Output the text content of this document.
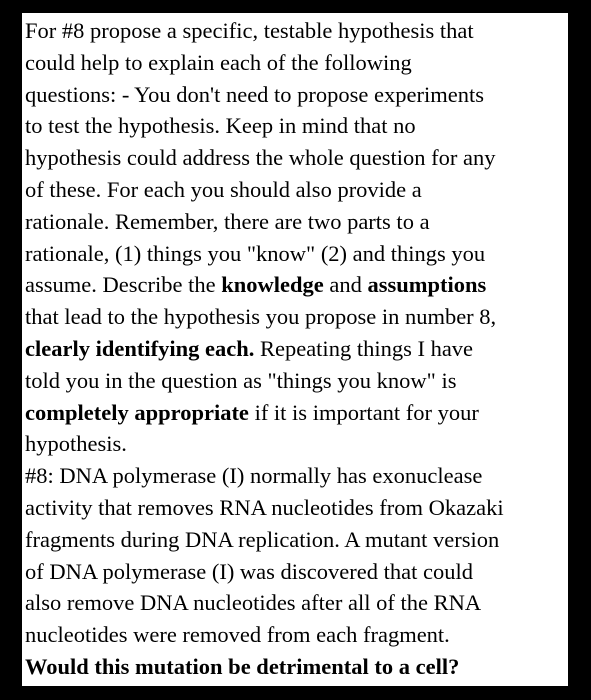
For #8 propose a specific, testable hypothesis that
could help to explain each of the following
questions: - You don't need to propose experiments
to test the hypothesis. Keep in mind that no
hypothesis could address the whole question for any
of these. For each you should also provide a
rationale. Remember, there are two parts to a
rationale, (1) things you "know" (2) and things you
assume. Describe the knowledge and assumptions
that lead to the hypothesis you propose in number 8,
clearly identifying each. Repeating things I have
told you in the question as "things you know" is
completely appropriate if it is important for your
hypothesis.
#8: DNA polymerase (I) normally has exonuclease
activity that removes RNA nucleotides from Okazaki
fragments during DNA replication. A mutant version
of DNA polymerase (I) was discovered that could
also remove DNA nucleotides after all of the RNA
nucleotides were removed from each fragment.
Would this mutation be detrimental to a cell?
